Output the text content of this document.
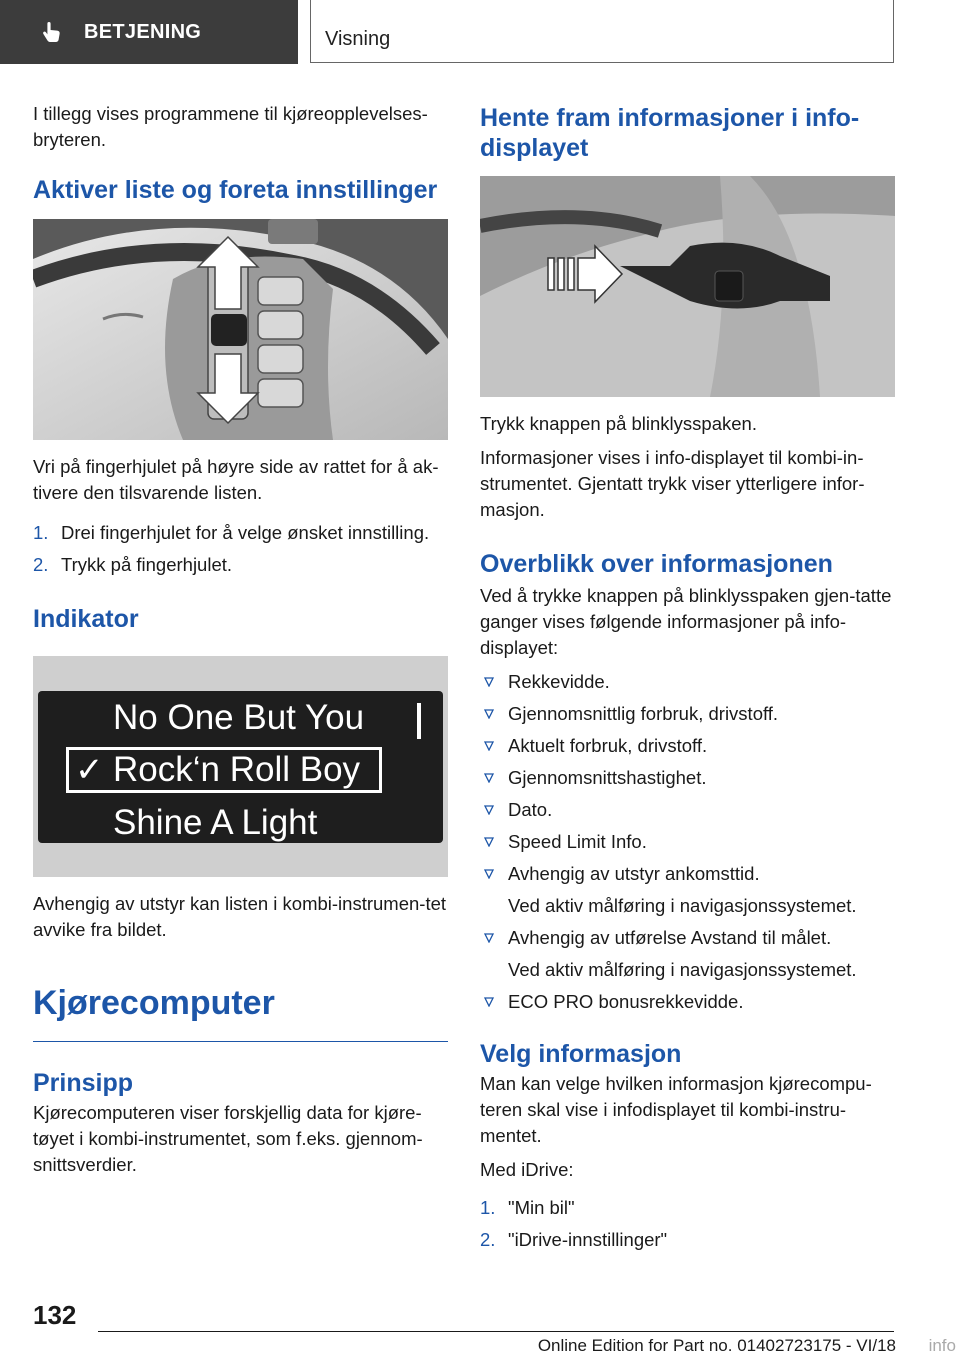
BETJENING	Visning

I tillegg vises programmene til kjøreopplevelses-bryteren.

Aktiver liste og foreta innstillinger

Vri på fingerhjulet på høyre side av rattet for å ak-tivere den tilsvarende listen.

1. Drei fingerhjulet for å velge ønsket innstilling.
2. Trykk på fingerhjulet.
Indikator
No One But You
✓ Rock‘n Roll Boy
Shine A Light

Avhengig av utstyr kan listen i kombi-instrumen-tet avvike fra bildet.

Kjørecomputer
Prinsipp

Kjørecomputeren viser forskjellig data for kjøre-tøyet i kombi-instrumentet, som f.eks. gjennom-snittsverdier.

Hente fram informasjoner i info-displayet

Trykk knappen på blinklysspaken.

Informasjoner vises i info-displayet til kombi-in-strumentet. Gjentatt trykk viser ytterligere infor-masjon.

Overblikk over informasjonen

Ved å trykke knappen på blinklysspaken gjen-tatte ganger vises følgende informasjoner på info-displayet:

Rekkevidde.
Gjennomsnittlig forbruk, drivstoff.
Aktuelt forbruk, drivstoff.
Gjennomsnittshastighet.
Dato.
Speed Limit Info.
Avhengig av utstyr ankomsttid.
Ved aktiv målføring i navigasjonssystemet.
Avhengig av utførelse Avstand til målet.
Ved aktiv målføring i navigasjonssystemet.
ECO PRO bonusrekkevidde.
Velg informasjon

Man kan velge hvilken informasjon kjørecompu-teren skal vise i infodisplayet til kombi-instru-mentet.

Med iDrive:

1. "Min bil"
2. "iDrive-innstillinger"
132
Online Edition for Part no. 01402723175 - VI/18 info
